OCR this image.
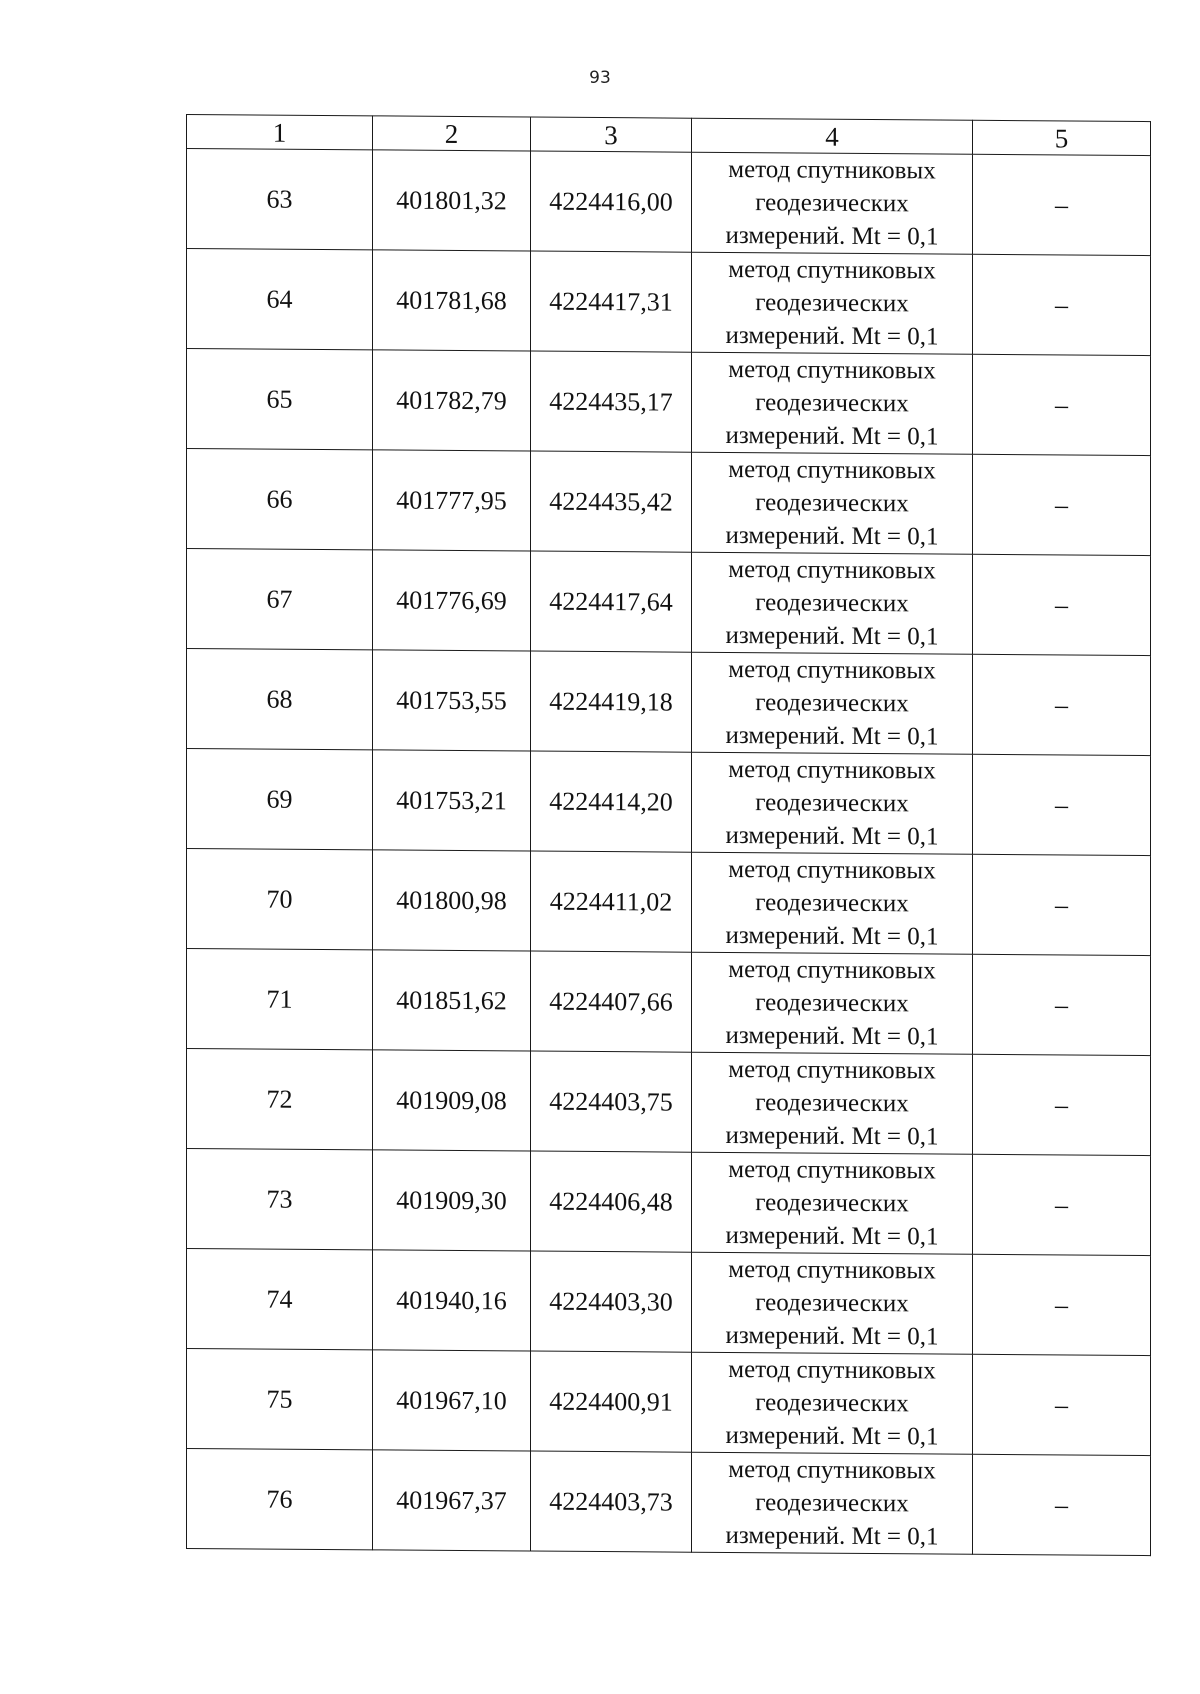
93
1	2	3	4	5
63	401801,32	4224416,00	метод спутниковых
геодезических
измерений. Mt = 0,1	–
64	401781,68	4224417,31	метод спутниковых
геодезических
измерений. Mt = 0,1	–
65	401782,79	4224435,17	метод спутниковых
геодезических
измерений. Mt = 0,1	–
66	401777,95	4224435,42	метод спутниковых
геодезических
измерений. Mt = 0,1	–
67	401776,69	4224417,64	метод спутниковых
геодезических
измерений. Mt = 0,1	–
68	401753,55	4224419,18	метод спутниковых
геодезических
измерений. Mt = 0,1	–
69	401753,21	4224414,20	метод спутниковых
геодезических
измерений. Mt = 0,1	–
70	401800,98	4224411,02	метод спутниковых
геодезических
измерений. Mt = 0,1	–
71	401851,62	4224407,66	метод спутниковых
геодезических
измерений. Mt = 0,1	–
72	401909,08	4224403,75	метод спутниковых
геодезических
измерений. Mt = 0,1	–
73	401909,30	4224406,48	метод спутниковых
геодезических
измерений. Mt = 0,1	–
74	401940,16	4224403,30	метод спутниковых
геодезических
измерений. Mt = 0,1	–
75	401967,10	4224400,91	метод спутниковых
геодезических
измерений. Mt = 0,1	–
76	401967,37	4224403,73	метод спутниковых
геодезических
измерений. Mt = 0,1	–
